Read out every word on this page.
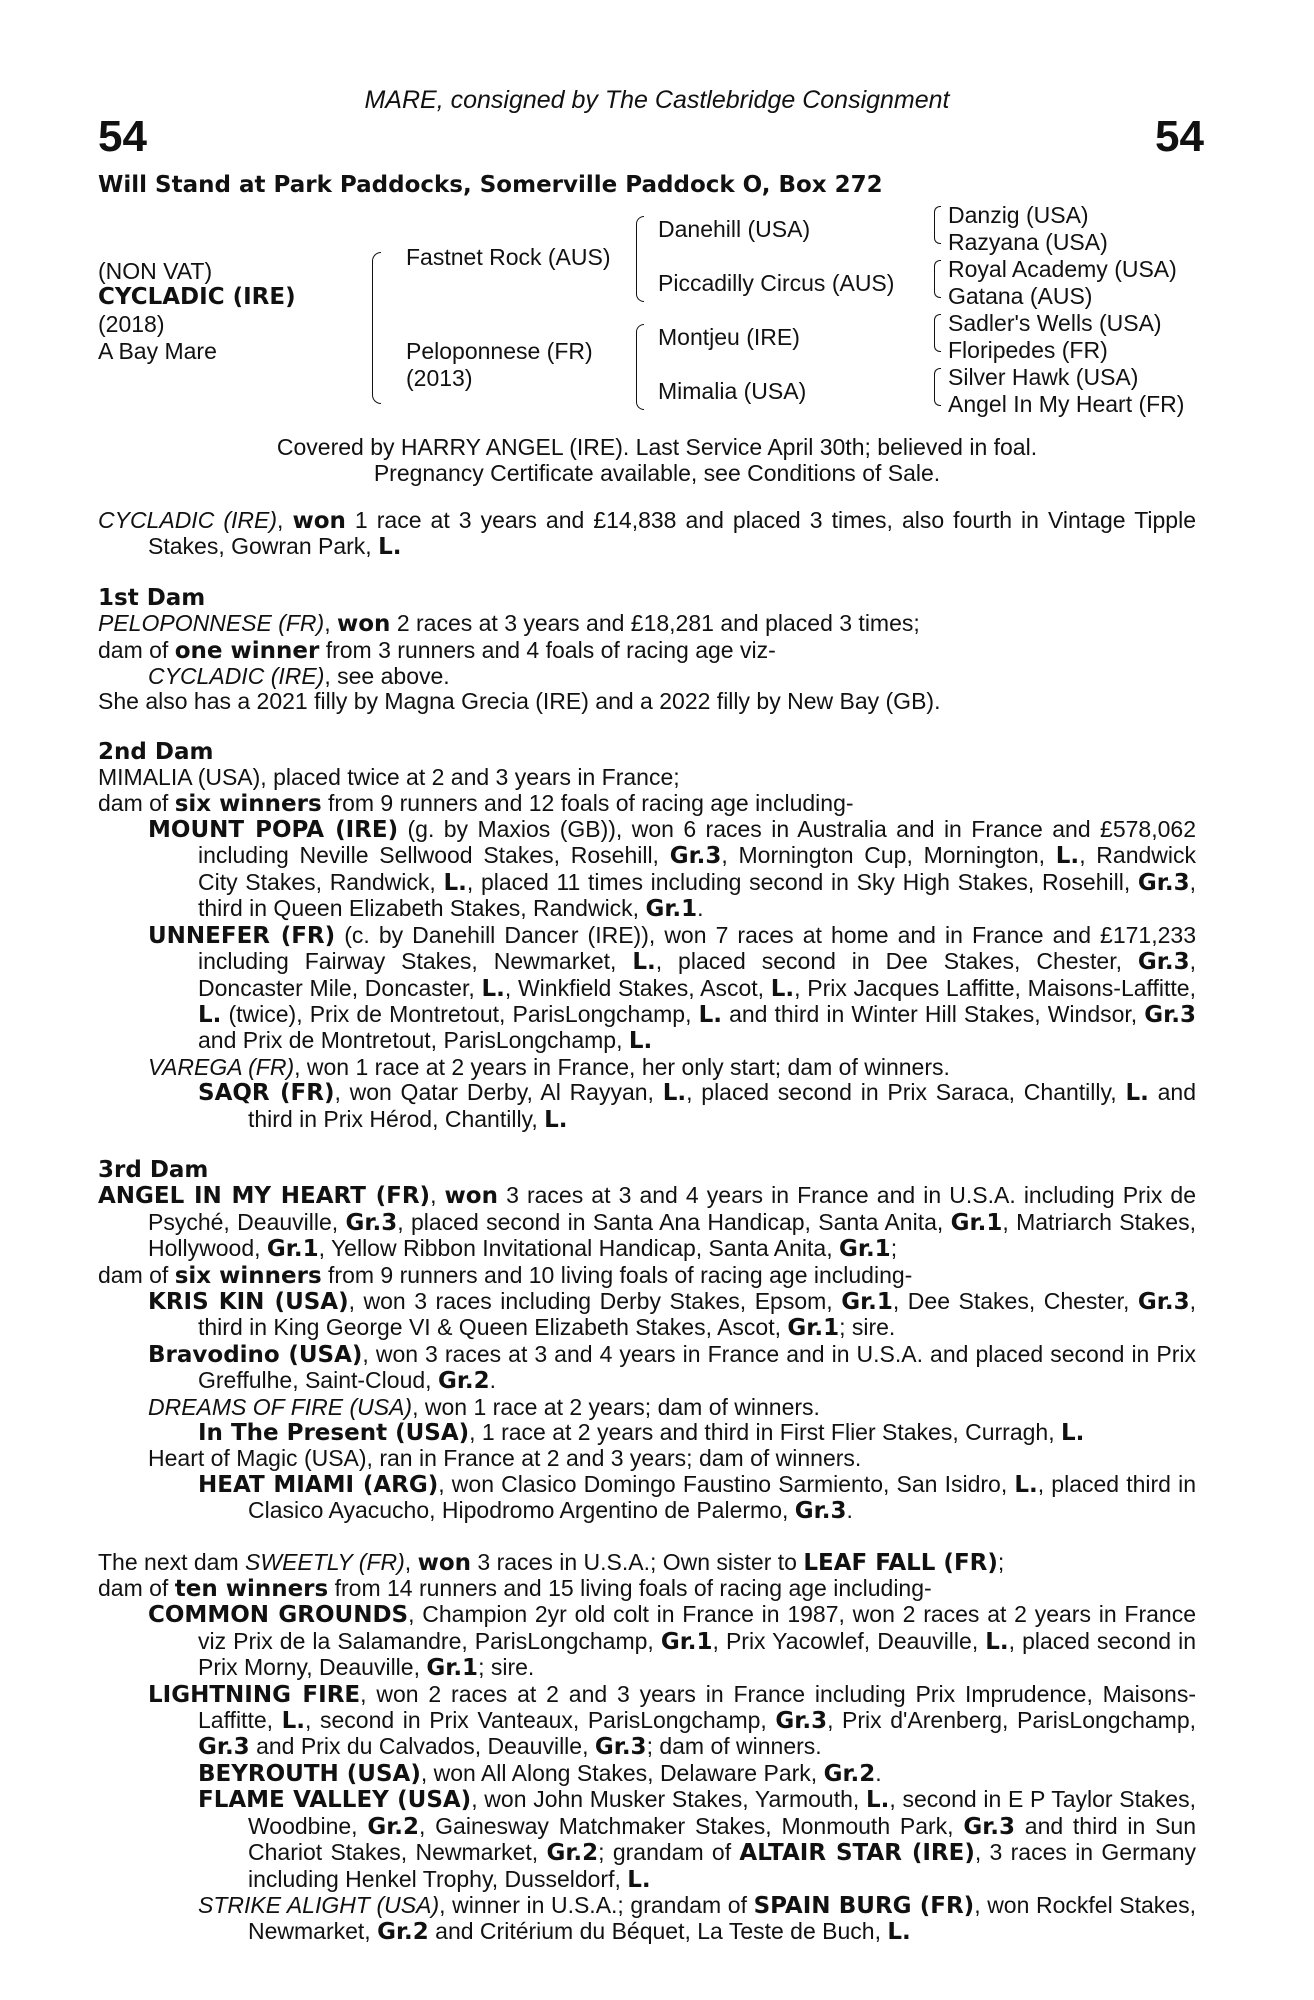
MARE, consigned by The Castlebridge Consignment
54	54
Will Stand at Park Paddocks, Somerville Paddock O, Box 272
(NON VAT)
CYCLADIC (IRE)
(2018)
A Bay Mare
Fastnet Rock (AUS)
Peloponnese (FR)
(2013)
Danehill (USA)
Piccadilly Circus (AUS)
Montjeu (IRE)
Mimalia (USA)
Danzig (USA)
Razyana (USA)
Royal Academy (USA)
Gatana (AUS)
Sadler's Wells (USA)
Floripedes (FR)
Silver Hawk (USA)
Angel In My Heart (FR)
Covered by HARRY ANGEL (IRE). Last Service April 30th; believed in foal.
Pregnancy Certificate available, see Conditions of Sale.
CYCLADIC (IRE), won 1 race at 3 years and £14,838 and placed 3 times, also fourth in Vintage Tipple Stakes, Gowran Park, L.
1st Dam
PELOPONNESE (FR), won 2 races at 3 years and £18,281 and placed 3 times;
dam of one winner from 3 runners and 4 foals of racing age viz-
CYCLADIC (IRE), see above.
She also has a 2021 filly by Magna Grecia (IRE) and a 2022 filly by New Bay (GB).
2nd Dam
MIMALIA (USA), placed twice at 2 and 3 years in France;
dam of six winners from 9 runners and 12 foals of racing age including-
MOUNT POPA (IRE) (g. by Maxios (GB)), won 6 races in Australia and in France and £578,062 including Neville Sellwood Stakes, Rosehill, Gr.3, Mornington Cup, Mornington, L., Randwick City Stakes, Randwick, L., placed 11 times including second in Sky High Stakes, Rosehill, Gr.3, third in Queen Elizabeth Stakes, Randwick, Gr.1.
UNNEFER (FR) (c. by Danehill Dancer (IRE)), won 7 races at home and in France and £171,233 including Fairway Stakes, Newmarket, L., placed second in Dee Stakes, Chester, Gr.3, Doncaster Mile, Doncaster, L., Winkfield Stakes, Ascot, L., Prix Jacques Laffitte, Maisons-Laffitte, L. (twice), Prix de Montretout, ParisLongchamp, L. and third in Winter Hill Stakes, Windsor, Gr.3 and Prix de Montretout, ParisLongchamp, L.
VAREGA (FR), won 1 race at 2 years in France, her only start; dam of winners.
SAQR (FR), won Qatar Derby, Al Rayyan, L., placed second in Prix Saraca, Chantilly, L. and third in Prix Hérod, Chantilly, L.
3rd Dam
ANGEL IN MY HEART (FR), won 3 races at 3 and 4 years in France and in U.S.A. including Prix de Psyché, Deauville, Gr.3, placed second in Santa Ana Handicap, Santa Anita, Gr.1, Matriarch Stakes, Hollywood, Gr.1, Yellow Ribbon Invitational Handicap, Santa Anita, Gr.1;
dam of six winners from 9 runners and 10 living foals of racing age including-
KRIS KIN (USA), won 3 races including Derby Stakes, Epsom, Gr.1, Dee Stakes, Chester, Gr.3, third in King George VI & Queen Elizabeth Stakes, Ascot, Gr.1; sire.
Bravodino (USA), won 3 races at 3 and 4 years in France and in U.S.A. and placed second in Prix Greffulhe, Saint-Cloud, Gr.2.
DREAMS OF FIRE (USA), won 1 race at 2 years; dam of winners.
In The Present (USA), 1 race at 2 years and third in First Flier Stakes, Curragh, L.
Heart of Magic (USA), ran in France at 2 and 3 years; dam of winners.
HEAT MIAMI (ARG), won Clasico Domingo Faustino Sarmiento, San Isidro, L., placed third in Clasico Ayacucho, Hipodromo Argentino de Palermo, Gr.3.
The next dam SWEETLY (FR), won 3 races in U.S.A.; Own sister to LEAF FALL (FR);
dam of ten winners from 14 runners and 15 living foals of racing age including-
COMMON GROUNDS, Champion 2yr old colt in France in 1987, won 2 races at 2 years in France viz Prix de la Salamandre, ParisLongchamp, Gr.1, Prix Yacowlef, Deauville, L., placed second in Prix Morny, Deauville, Gr.1; sire.
LIGHTNING FIRE, won 2 races at 2 and 3 years in France including Prix Imprudence, Maisons-Laffitte, L., second in Prix Vanteaux, ParisLongchamp, Gr.3, Prix d'Arenberg, ParisLongchamp, Gr.3 and Prix du Calvados, Deauville, Gr.3; dam of winners.
BEYROUTH (USA), won All Along Stakes, Delaware Park, Gr.2.
FLAME VALLEY (USA), won John Musker Stakes, Yarmouth, L., second in E P Taylor Stakes, Woodbine, Gr.2, Gainesway Matchmaker Stakes, Monmouth Park, Gr.3 and third in Sun Chariot Stakes, Newmarket, Gr.2; grandam of ALTAIR STAR (IRE), 3 races in Germany including Henkel Trophy, Dusseldorf, L.
STRIKE ALIGHT (USA), winner in U.S.A.; grandam of SPAIN BURG (FR), won Rockfel Stakes, Newmarket, Gr.2 and Critérium du Béquet, La Teste de Buch, L.
